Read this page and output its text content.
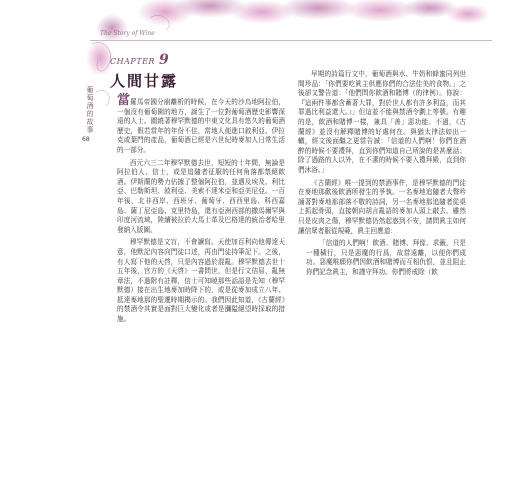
The Story of Wine
葡萄酒的故事
68
CHAPTER 9
人間甘露

當羅馬帝國分崩離析的時候，在今天的沙烏地阿拉伯，一個沒有葡萄園的地方，誕生了一位對葡萄酒歷史影響深遠的人士。圍繞著穆罕默德的中東文化具有悠久的葡萄酒歷史，假若當年的年份不佳，當地人便進口敘利亞、伊拉克或葉門的產品，葡萄酒已經是六世紀時麥加人日常生活的一部分。

西元六三二年穆罕默德去世，短短的十年間，無論是阿拉伯人、信士，或是追隨者征服的任何角落都禁絕飲酒。伊斯蘭的勢力佔據了整個阿拉伯，並邁及埃及、利比亞、巴勒斯坦、敘利亞、美索不達米亞和亞美尼亞。一百年後，北非西岸、西班牙、葡萄牙、西西里島、科西嘉島、薩丁尼亞島、克里特島，還有亞洲西部的撒馬爾罕與印度河流域，陸續被拉於大馬士革及巴格達的統治者哈里發納入版圖。

穆罕默德是文盲，不會讀寫。天使加百利向他傳達天意，他默記內容向門徒口述，再由門徒持筆記下。之後，有人寫下他的天啓，只是內容過於混亂。穆罕默德去世十五年後，官方的《天啓》一書問世，但是行文佶屈，亂無章法，不過附有註釋，信士可知曉那些話語是先知（穆罕默德）接在出生地麥加時降下的，或是從麥加成立八年、抵達麥地那的聖遷時期揭示的。我們因此知道，《古蘭經》的禁酒令其實是面對巨大變化或者是瀰隘絕望時採取的措施。

早期的詩篇行文中，葡萄酒與水、牛奶和蜂蜜同列世間珍品：「你們要吃眞主供應你們的合法佳美的食物。」之後卻又警告道：「他們問你飲酒和賭博（的律例）。你說：『這兩件事都含蓄著大罪，對於世人都有許多利益，而其罪過比利益還大。』」但這並不能與禁酒令劃上等號。有趣的是，飲酒和賭博一樣，兼具「善」惡功能。不過，《古蘭經》並沒有解釋賭博的好處何在。與猶太律法如出一轍，經文後面繼之更當告誡：「信道的人們啊！你們在酒醉的時候不要禮拜，直到你們知道自己所說的是甚麼話；除了過路的人以外，在不潔的時候不要入禮拜殿，直到你們沐浴。」

《古蘭經》唯一提到的禁酒事件，是穆罕默德的門徒在麥地那歡後飲酒所發生的爭執。一名麥地追隨者大聲吟誦著對麥地那部落不敬的詩詞，另一名麥地那追隨者從桌上抓起骨頭，直接朝向胡言亂語的麥加人頭上敲去，雖然只是皮肉之傷，穆罕默德仍然起惑到不安，請問眞主如何讓信眾者服從規範，眞主回應道：

「信道的人們啊！飲酒、賭博、拜像、求籤，只是一種穢行，只是惡魔的行爲，故當遠離，以便你們成功。惡魔唯願你們因飲酒和賭博而互相仇恨，並且阻止你們記念眞主，和謹守拜功。你們將戒除（飲
